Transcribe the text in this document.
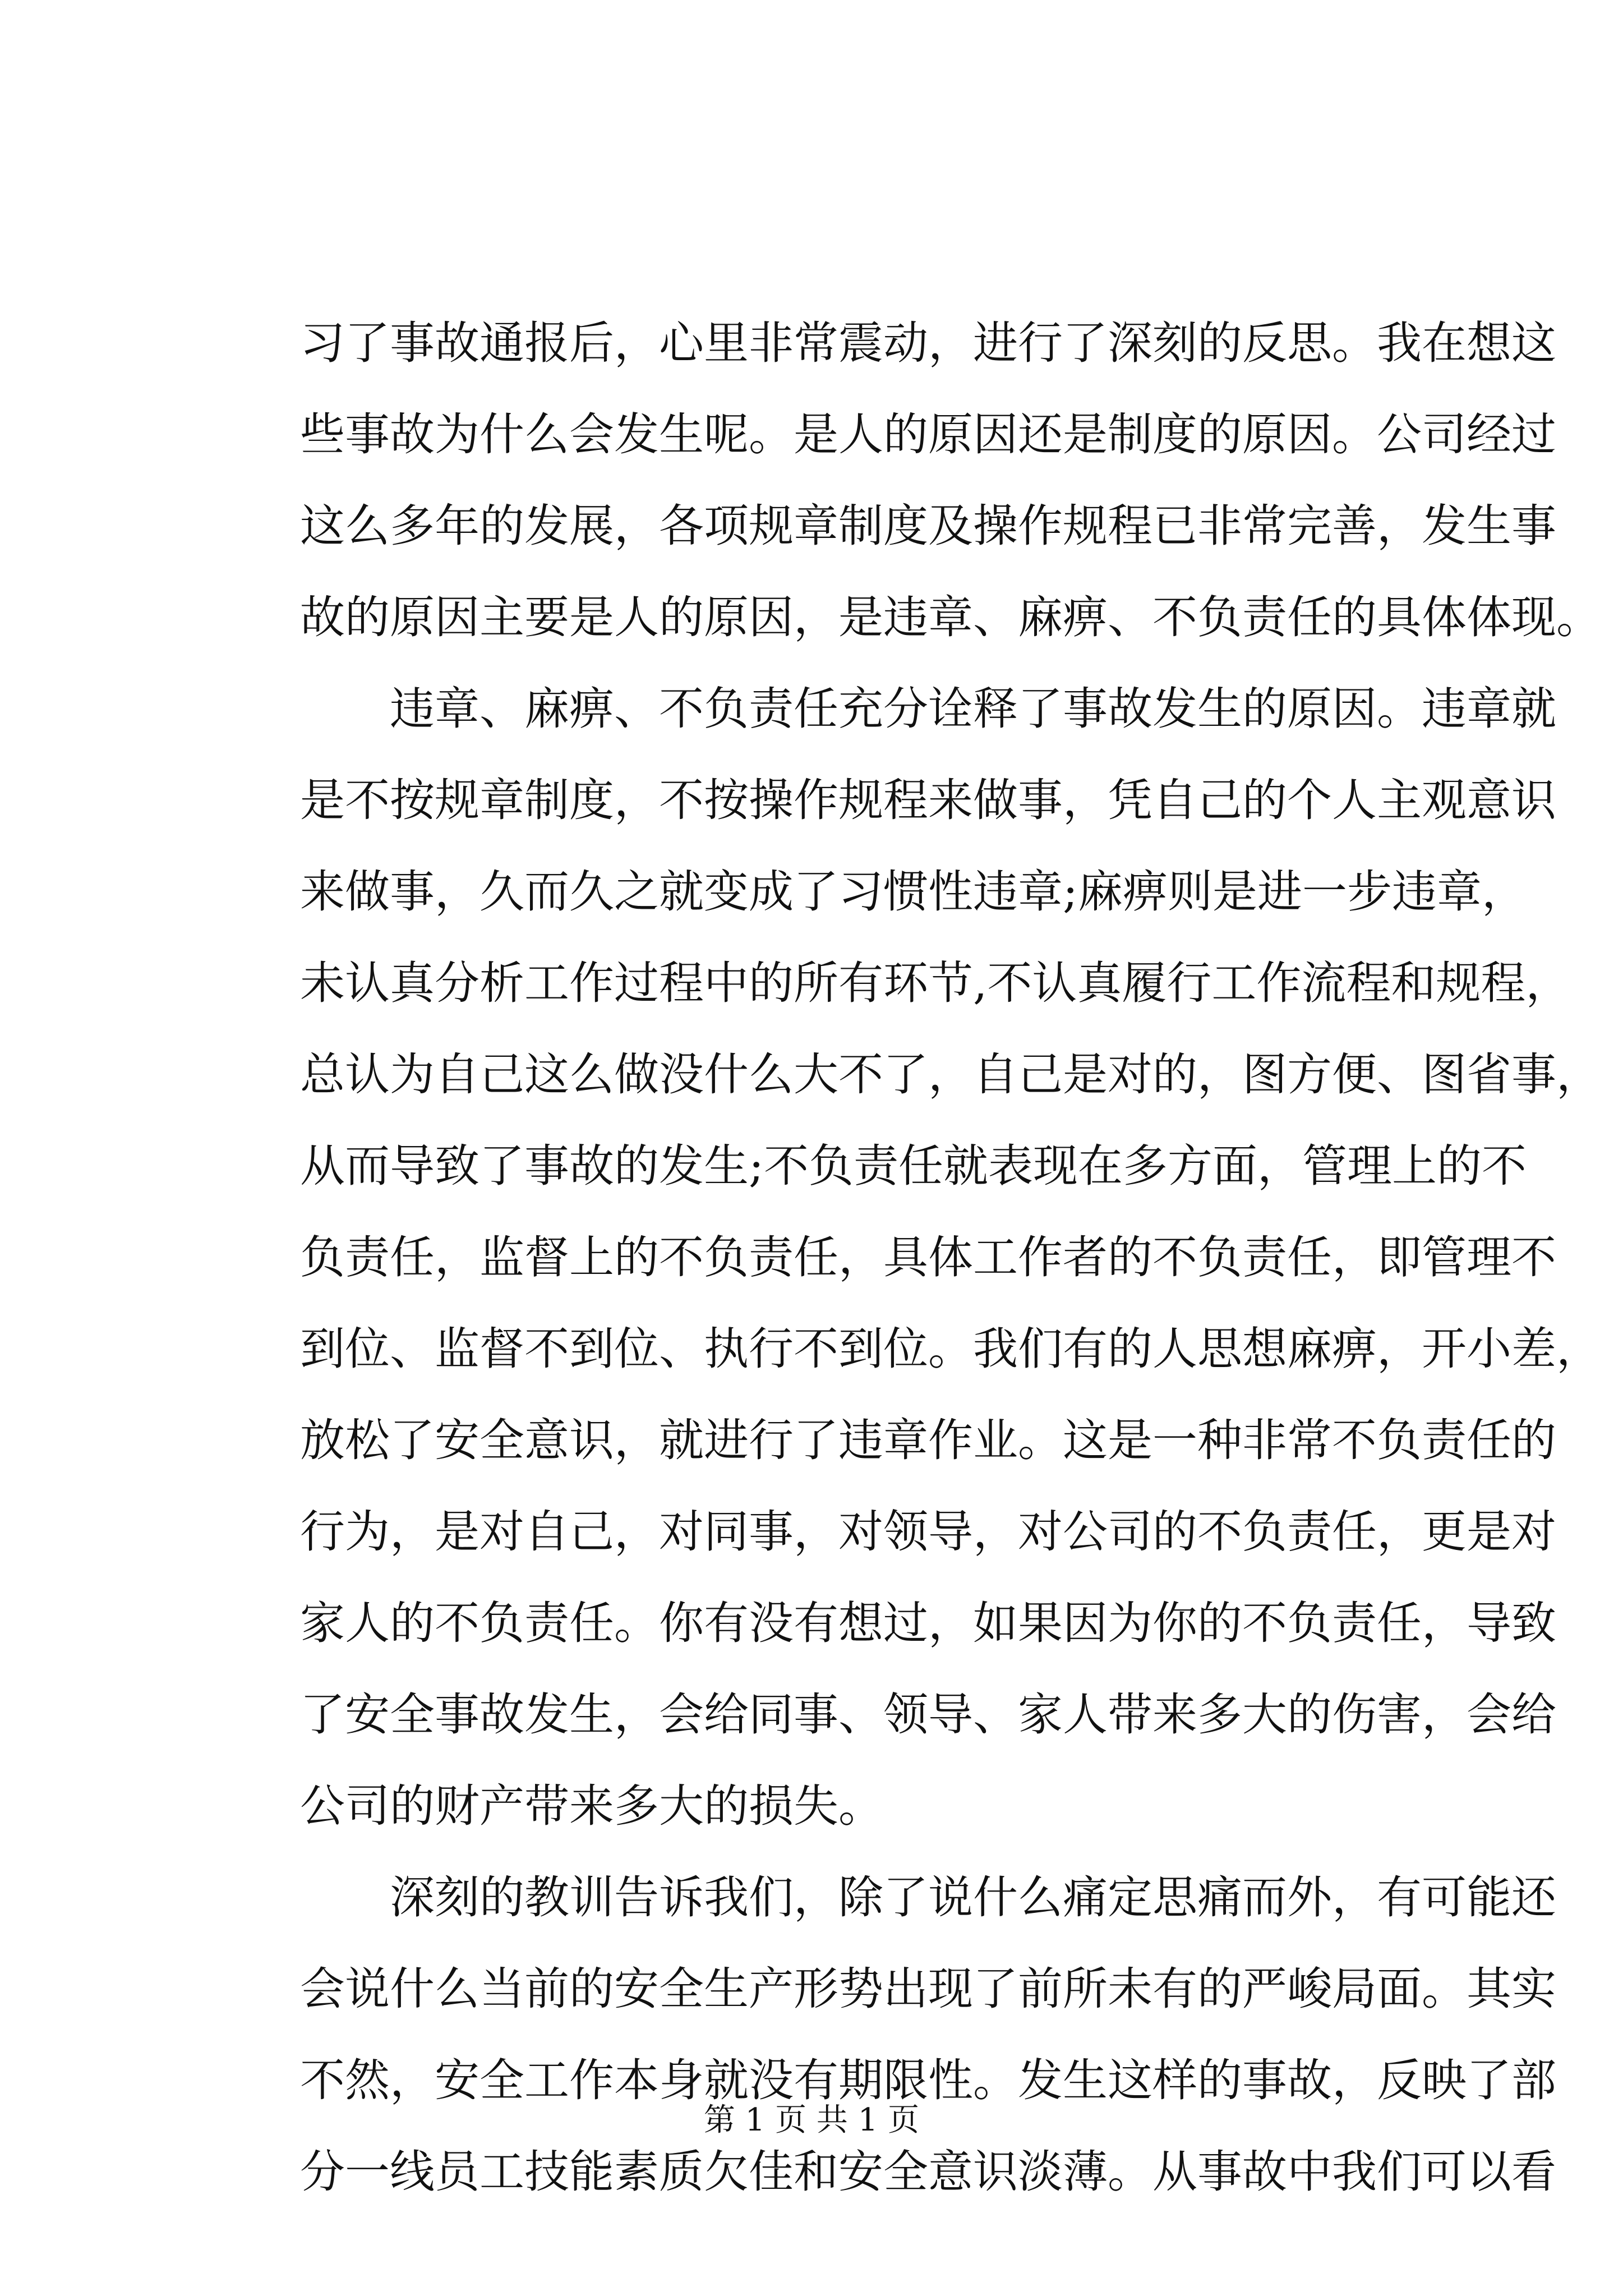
习了事故通报后，心里非常震动，进行了深刻的反思。我在想这
些事故为什么会发生呢。是人的原因还是制度的原因。公司经过
这么多年的发展，各项规章制度及操作规程已非常完善，发生事
故的原因主要是人的原因，是违章、麻痹、不负责任的具体体现。
违章、麻痹、不负责任充分诠释了事故发生的原因。违章就
是不按规章制度，不按操作规程来做事，凭自己的个人主观意识
来做事，久而久之就变成了习惯性违章;麻痹则是进一步违章，
未认真分析工作过程中的所有环节,不认真履行工作流程和规程，
总认为自己这么做没什么大不了，自己是对的，图方便、图省事，
从而导致了事故的发生;不负责任就表现在多方面，管理上的不
负责任，监督上的不负责任，具体工作者的不负责任，即管理不
到位、监督不到位、执行不到位。我们有的人思想麻痹，开小差，
放松了安全意识，就进行了违章作业。这是一种非常不负责任的
行为，是对自己，对同事，对领导，对公司的不负责任，更是对
家人的不负责任。你有没有想过，如果因为你的不负责任，导致
了安全事故发生，会给同事、领导、家人带来多大的伤害，会给
公司的财产带来多大的损失。
深刻的教训告诉我们，除了说什么痛定思痛而外，有可能还
会说什么当前的安全生产形势出现了前所未有的严峻局面。其实
不然，安全工作本身就没有期限性。发生这样的事故，反映了部
分一线员工技能素质欠佳和安全意识淡薄。从事故中我们可以看
第 1 页 共 1 页
